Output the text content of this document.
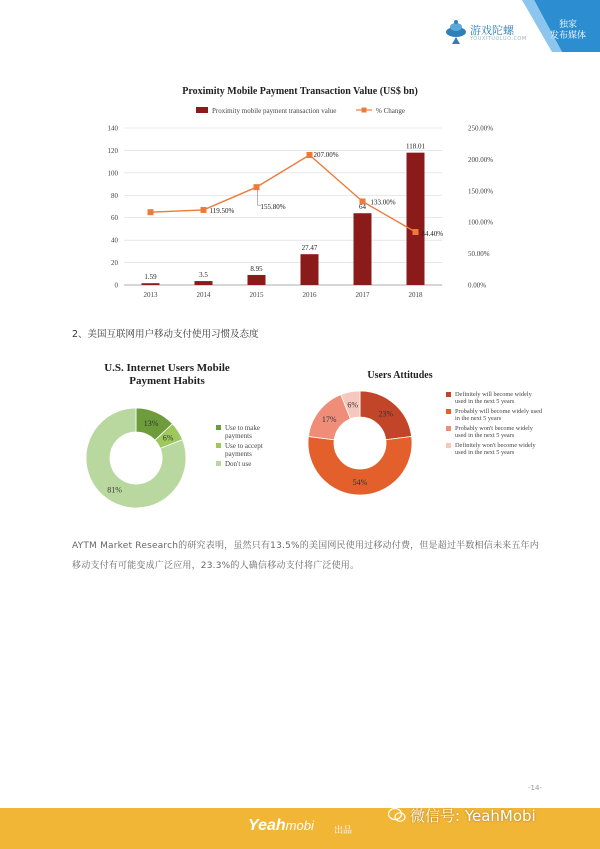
游戏陀螺
YOUXITUOLUO.COM
独家
发布媒体
Proximity Mobile Payment Transaction Value (US$ bn)
Proximity mobile payment transaction value	% Change
0
20
40
60
80
100
120
140
0.00%
50.00%
100.00%
150.00%
200.00%
250.00%
2013
1.59
2014
3.5
2015
8.95
2016
27.47
2017
64
2018
118.01
119.50%	155.80%
207.00%
133.00%
84.40%
2、美国互联网用户移动支付使用习惯及态度
U.S. Internet Users Mobile Payment Habits
13%
6%
81%
Use to make payments
Use to accept payments
Don't use
Users Attitudes
23%
54%
17%
6%
Definitely will become widely used in the next 5 years
Probably will become widely used in the next 5 years
Probably won't become widely used in the next 5 years
Definitely won't become widely used in the next 5 years
AYTM Market Research的研究表明，虽然只有13.5%的美国网民使用过移动付费，但是超过半数相信未来五年内移动支付有可能变成广泛应用，23.3%的人确信移动支付将广泛使用。
-14-
Yeahmobi 出品
微信号: YeahMobi
